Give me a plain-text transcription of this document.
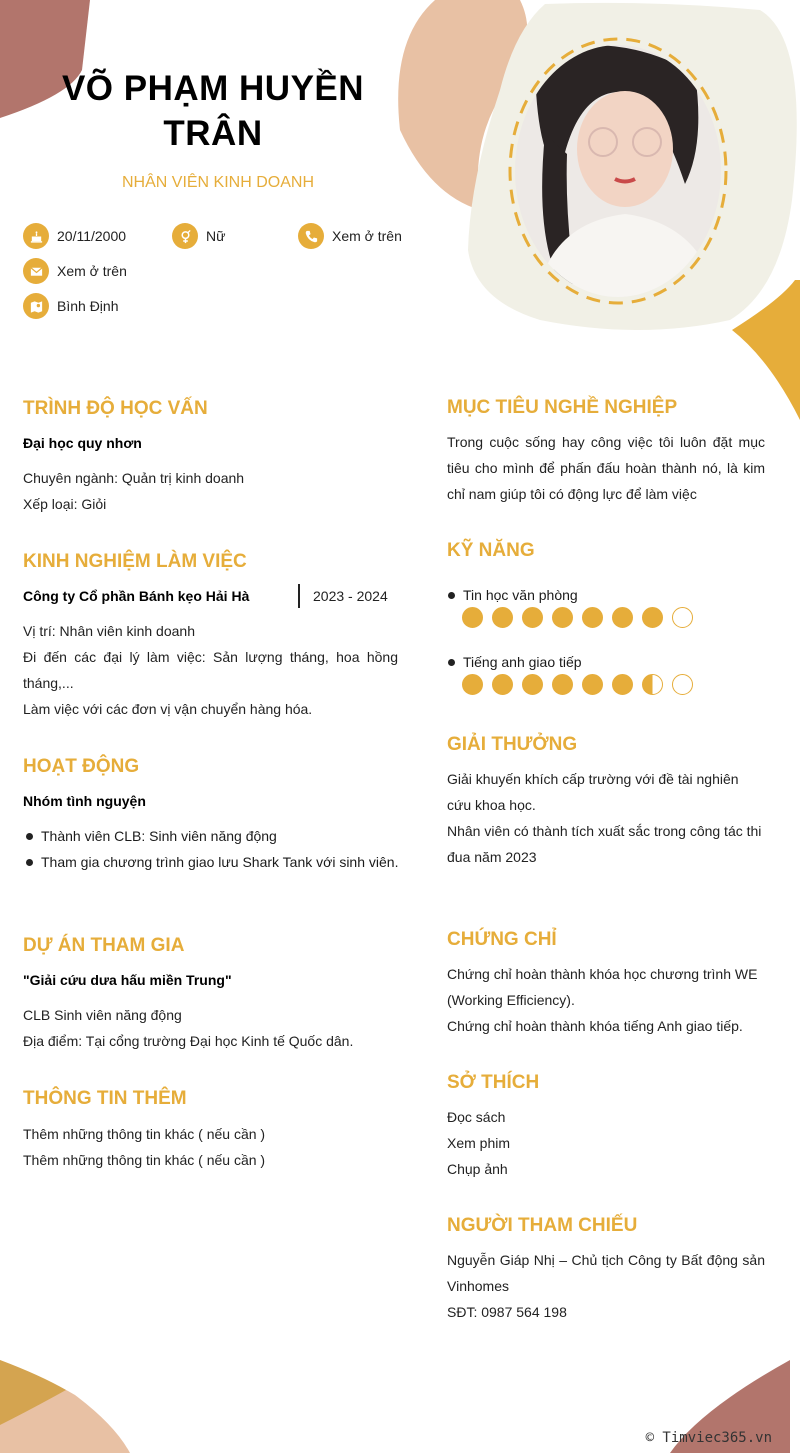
VÕ PHẠM HUYỀN
TRÂN
NHÂN VIÊN KINH DOANH
20/11/2000	Nữ	Xem ở trên
Xem ở trên
Bình Định
TRÌNH ĐỘ HỌC VẤN
Đại học quy nhơn
Chuyên ngành: Quản trị kinh doanh
Xếp loại: Giỏi
KINH NGHIỆM LÀM VIỆC
Công ty Cổ phần Bánh kẹo Hải Hà	2023 - 2024
Vị trí: Nhân viên kinh doanh
Đi đến các đại lý làm việc: Sản lượng tháng, hoa hồng tháng,...
Làm việc với các đơn vị vận chuyển hàng hóa.
HOẠT ĐỘNG
Nhóm tình nguyện
Thành viên CLB: Sinh viên năng động
Tham gia chương trình giao lưu Shark Tank với sinh viên.
DỰ ÁN THAM GIA
"Giải cứu dưa hấu miền Trung"
CLB Sinh viên năng động
Địa điểm: Tại cổng trường Đại học Kinh tế Quốc dân.
THÔNG TIN THÊM
Thêm những thông tin khác ( nếu cần )
Thêm những thông tin khác ( nếu cần )
MỤC TIÊU NGHỀ NGHIỆP
Trong cuộc sống hay công việc tôi luôn đặt mục tiêu cho mình để phấn đấu hoàn thành nó, là kim chỉ nam giúp tôi có động lực để làm việc
KỸ NĂNG
Tin học văn phòng
Tiếng anh giao tiếp
GIẢI THƯỞNG
Giải khuyến khích cấp trường với đề tài nghiên cứu khoa học.
Nhân viên có thành tích xuất sắc trong công tác thi đua năm 2023
CHỨNG CHỈ
Chứng chỉ hoàn thành khóa học chương trình WE (Working Efficiency).
Chứng chỉ hoàn thành khóa tiếng Anh giao tiếp.
SỞ THÍCH
Đọc sách
Xem phim
Chụp ảnh
NGƯỜI THAM CHIẾU
Nguyễn Giáp Nhị – Chủ tịch Công ty Bất động sản Vinhomes
SĐT: 0987 564 198
© Timviec365.vn
